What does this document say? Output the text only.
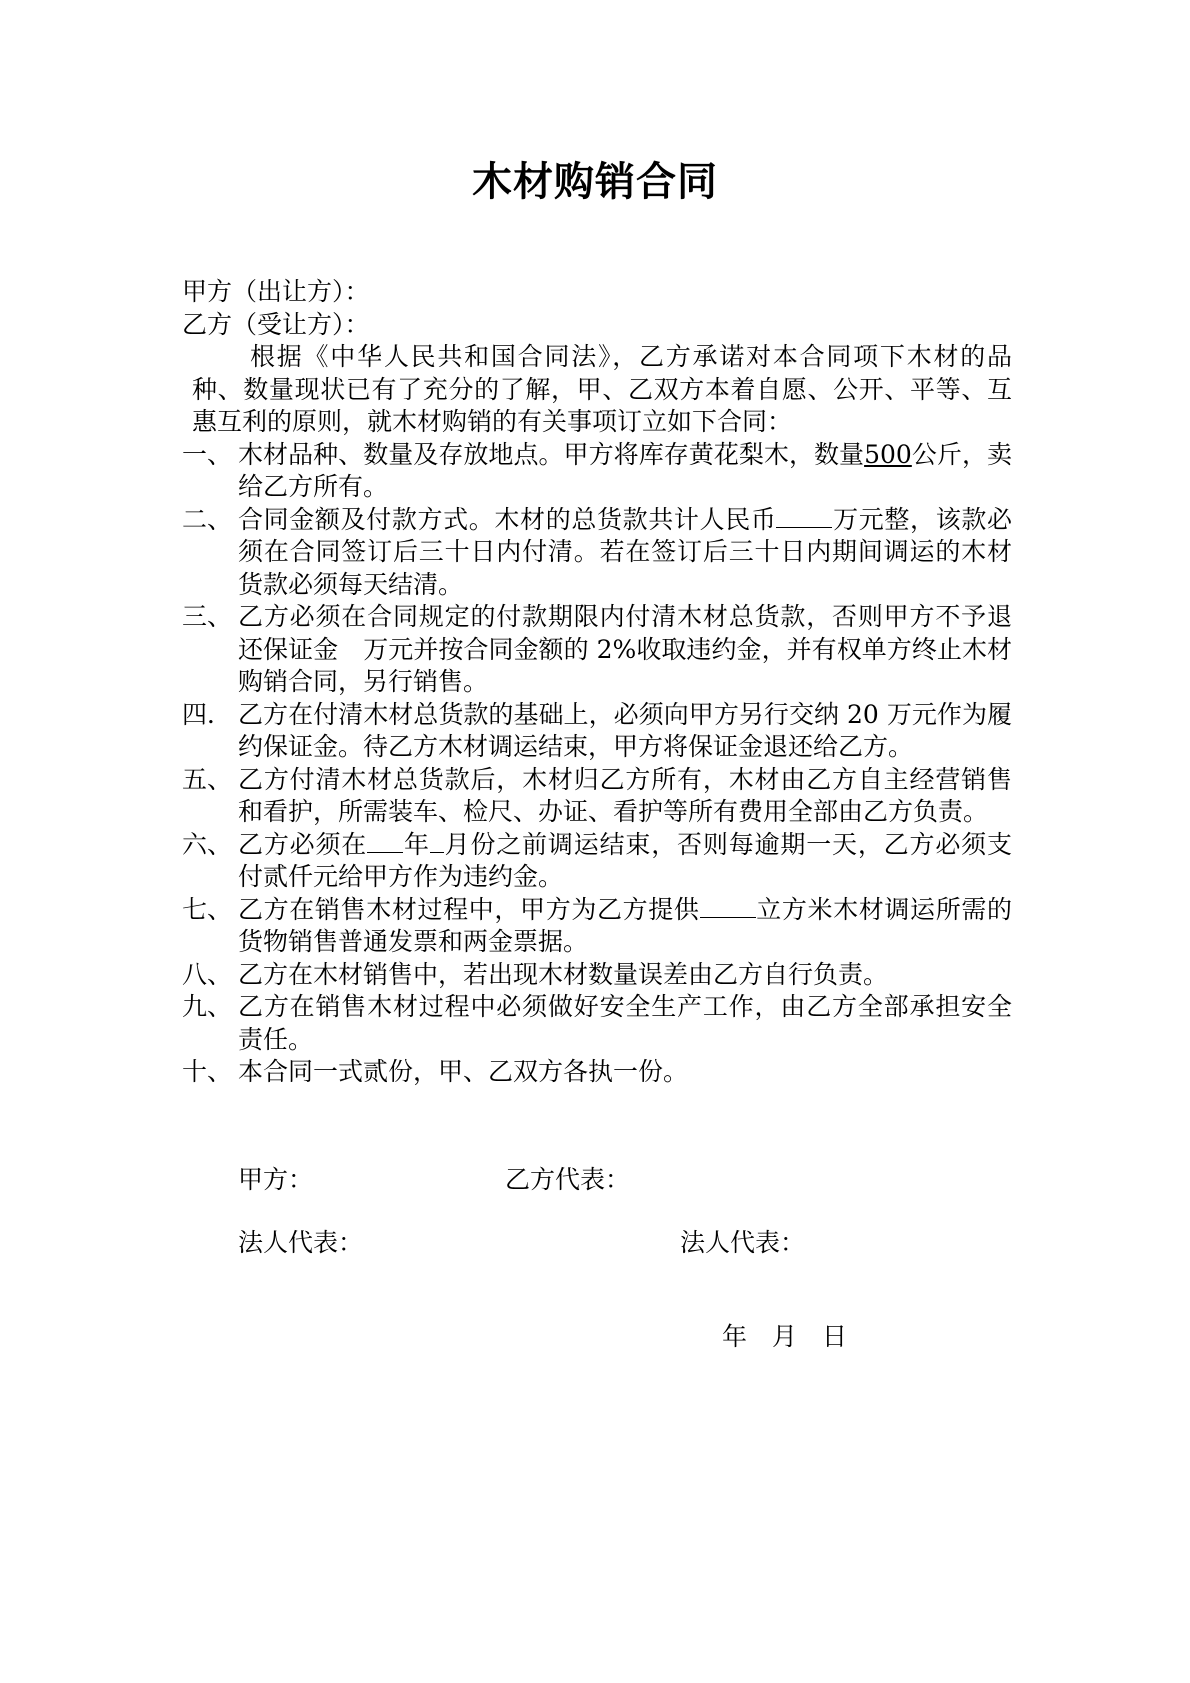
木材购销合同
甲方（出让方）：
乙方（受让方）：
根据《中华人民共和国合同法》，乙方承诺对本合同项下木材的品种、数量现状已有了充分的了解，甲、乙双方本着自愿、公开、平等、互惠互利的原则，就木材购销的有关事项订立如下合同：
一、 木材品种、数量及存放地点。甲方将库存黄花梨木，数量500公斤，卖给乙方所有。
二、 合同金额及付款方式。木材的总货款共计人民币 万元整，该款必须在合同签订后三十日内付清。若在签订后三十日内期间调运的木材货款必须每天结清。
三、 乙方必须在合同规定的付款期限内付清木材总货款，否则甲方不予退还保证金　万元并按合同金额的 2%收取违约金，并有权单方终止木材购销合同，另行销售。
四． 乙方在付清木材总货款的基础上，必须向甲方另行交纳 20 万元作为履约保证金。待乙方木材调运结束，甲方将保证金退还给乙方。
五、 乙方付清木材总货款后，木材归乙方所有，木材由乙方自主经营销售和看护，所需装车、检尺、办证、看护等所有费用全部由乙方负责。
六、 乙方必须在 年 月份之前调运结束，否则每逾期一天，乙方必须支付贰仟元给甲方作为违约金。
七、 乙方在销售木材过程中，甲方为乙方提供 立方米木材调运所需的货物销售普通发票和两金票据。
八、 乙方在木材销售中，若出现木材数量误差由乙方自行负责。
九、 乙方在销售木材过程中必须做好安全生产工作，由乙方全部承担安全责任。
十、 本合同一式贰份，甲、乙双方各执一份。
甲方：	乙方代表：
法人代表：	法人代表：
年　月　日
